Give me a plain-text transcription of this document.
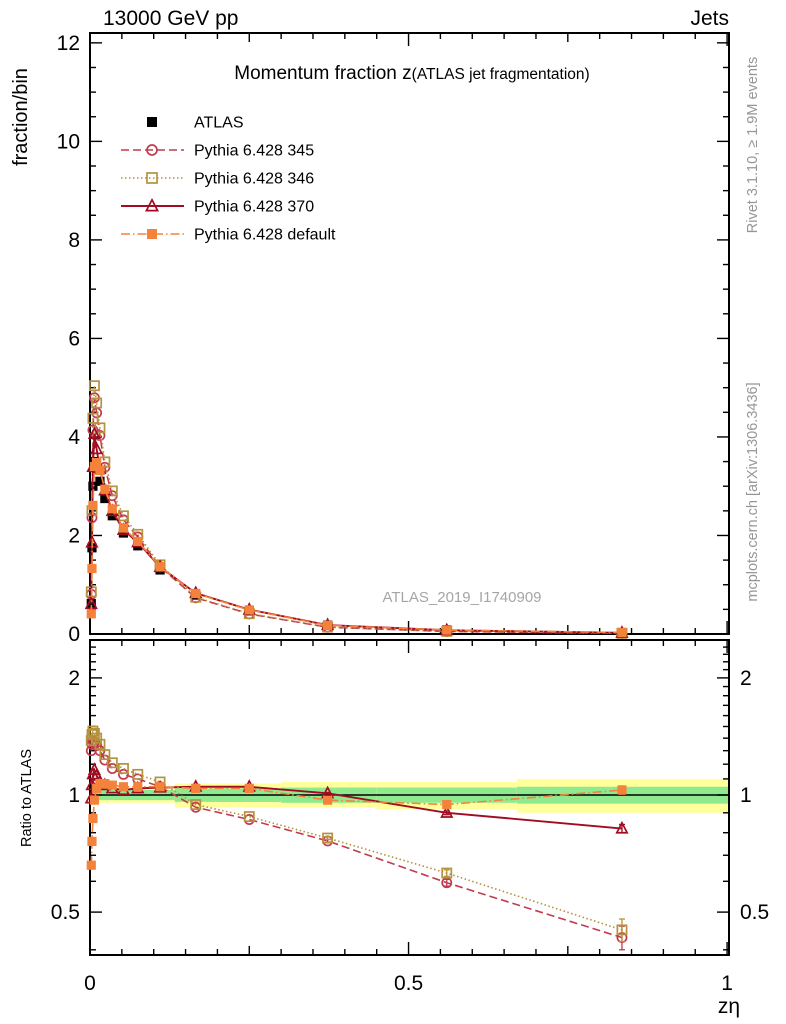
0	0.5	1
0
2
4
6
8
10
12
0.5	0.5
1	1
2	2
ATLAS
Pythia 6.428 345
Pythia 6.428 346
Pythia 6.428 370
Pythia 6.428 default
13000 GeV pp	Jets
Momentum fraction z(ATLAS jet fragmentation)
fraction/bin
Ratio to ATLAS
zη
ATLAS_2019_I1740909
Rivet 3.1.10, ≥ 1.9M events
mcplots.cern.ch [arXiv:1306.3436]
